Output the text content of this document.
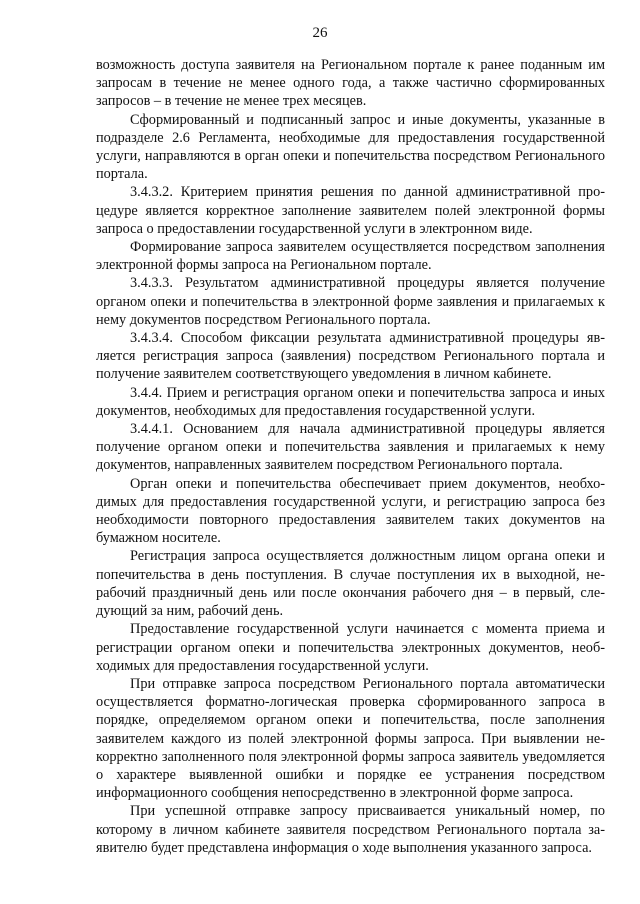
26

возможность доступа заявителя на Региональном портале к ранее поданным им запросам в течение не менее одного года, а также частично сформированных запросов – в течение не менее трех месяцев.

Сформированный и подписанный запрос и иные документы, указанные в подразделе 2.6 Регламента, необходимые для предоставления государственной услуги, направляются в орган опеки и попечительства посредством Регионального портала.

3.4.3.2. Критерием принятия решения по данной административной процедуре является корректное заполнение заявителем полей электронной формы запроса о предоставлении государственной услуги в электронном виде.

Формирование запроса заявителем осуществляется посредством заполнения электронной формы запроса на Региональном портале.

3.4.3.3. Результатом административной процедуры является получение органом опеки и попечительства в электронной форме заявления и прилагаемых к нему документов посредством Регионального портала.

3.4.3.4. Способом фиксации результата административной процедуры является регистрация запроса (заявления) посредством Регионального портала и получение заявителем соответствующего уведомления в личном кабинете.

3.4.4. Прием и регистрация органом опеки и попечительства запроса и иных документов, необходимых для предоставления государственной услуги.

3.4.4.1. Основанием для начала административной процедуры является получение органом опеки и попечительства заявления и прилагаемых к нему документов, направленных заявителем посредством Регионального портала.

Орган опеки и попечительства обеспечивает прием документов, необходимых для предоставления государственной услуги, и регистрацию запроса без необходимости повторного предоставления заявителем таких документов на бумажном носителе.

Регистрация запроса осуществляется должностным лицом органа опеки и попечительства в день поступления. В случае поступления их в выходной, нерабочий праздничный день или после окончания рабочего дня – в первый, следующий за ним, рабочий день.

Предоставление государственной услуги начинается с момента приема и регистрации органом опеки и попечительства электронных документов, необходимых для предоставления государственной услуги.

При отправке запроса посредством Регионального портала автоматически осуществляется форматно-логическая проверка сформированного запроса в порядке, определяемом органом опеки и попечительства, после заполнения заявителем каждого из полей электронной формы запроса. При выявлении некорректно заполненного поля электронной формы запроса заявитель уведомляется о характере выявленной ошибки и порядке ее устранения посредством информационного сообщения непосредственно в электронной форме запроса.

При успешной отправке запросу присваивается уникальный номер, по которому в личном кабинете заявителя посредством Регионального портала заявителю будет представлена информация о ходе выполнения указанного запроса.
